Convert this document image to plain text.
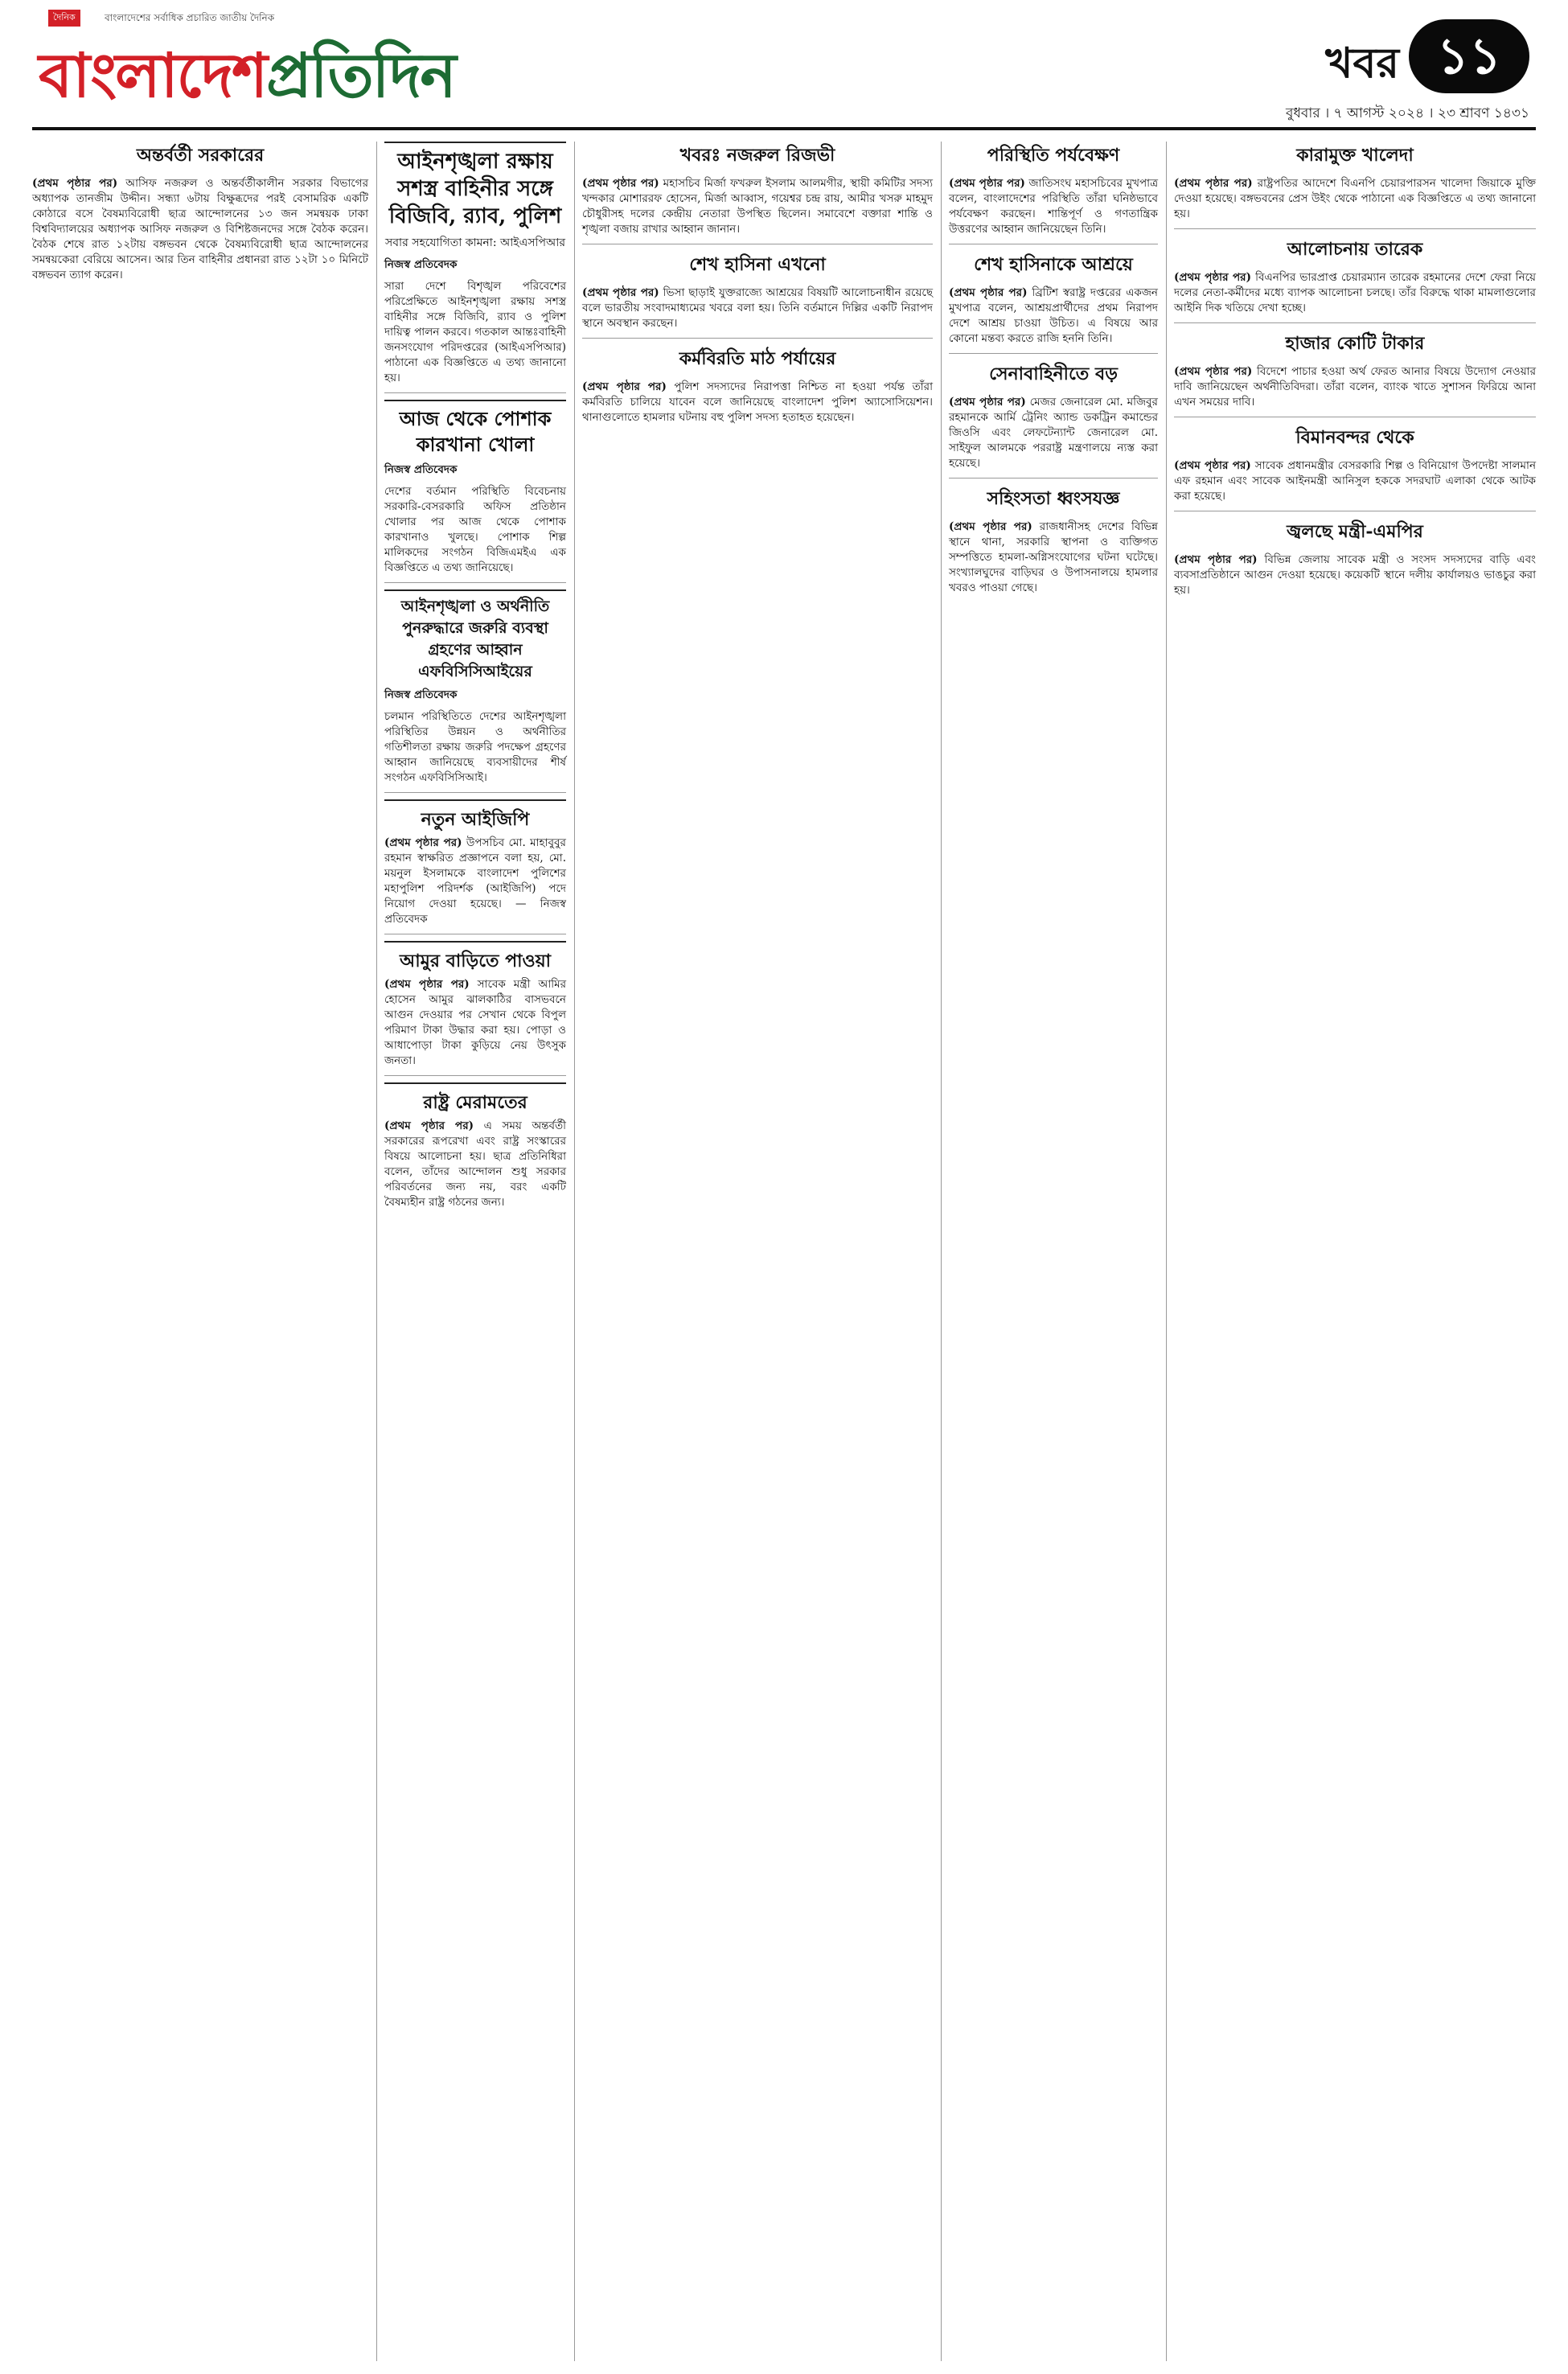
দৈনিক	বাংলাদেশের সর্বাধিক প্রচারিত জাতীয় দৈনিক
বাংলাদেশপ্রতিদিন	খবর ১১
বুধবার । ৭ আগস্ট ২০২৪ । ২৩ শ্রাবণ ১৪৩১
অন্তর্বর্তী সরকারের
(প্রথম পৃষ্ঠার পর) আসিফ নজরুল ও অন্তর্বর্তীকালীন সরকার বিভাগের অধ্যাপক তানজীম উদ্দীন। সন্ধ্যা ৬টায় বিক্ষুব্ধদের পরই বেসামরিক একটি কোঠারে বসে বৈষম্যবিরোধী ছাত্র আন্দোলনের ১৩ জন সমন্বয়ক ঢাকা বিশ্ববিদ্যালয়ের অধ্যাপক আসিফ নজরুল ও বিশিষ্টজনদের সঙ্গে বৈঠক করেন। বৈঠক শেষে রাত ১২টায় বঙ্গভবন থেকে বৈষম্যবিরোধী ছাত্র আন্দোলনের সমন্বয়কেরা বেরিয়ে আসেন। আর তিন বাহিনীর প্রধানরা রাত ১২টা ১০ মিনিটে বঙ্গভবন ত্যাগ করেন।
আইনশৃঙ্খলা রক্ষায় সশস্ত্র বাহিনীর সঙ্গে বিজিবি, র‍্যাব, পুলিশ
সবার সহযোগিতা কামনা: আইএসপিআর
নিজস্ব প্রতিবেদক
সারা দেশে বিশৃঙ্খল পরিবেশের পরিপ্রেক্ষিতে আইনশৃঙ্খলা রক্ষায় সশস্ত্র বাহিনীর সঙ্গে বিজিবি, র‍্যাব ও পুলিশ দায়িত্ব পালন করবে। গতকাল আন্তঃবাহিনী জনসংযোগ পরিদপ্তরের (আইএসপিআর) পাঠানো এক বিজ্ঞপ্তিতে এ তথ্য জানানো হয়।
আজ থেকে পোশাক কারখানা খোলা
নিজস্ব প্রতিবেদক
দেশের বর্তমান পরিস্থিতি বিবেচনায় সরকারি-বেসরকারি অফিস প্রতিষ্ঠান খোলার পর আজ থেকে পোশাক কারখানাও খুলছে। পোশাক শিল্প মালিকদের সংগঠন বিজিএমইএ এক বিজ্ঞপ্তিতে এ তথ্য জানিয়েছে।
আইনশৃঙ্খলা ও অর্থনীতি পুনরুদ্ধারে জরুরি ব্যবস্থা গ্রহণের আহ্বান এফবিসিসিআইয়ের
নিজস্ব প্রতিবেদক
চলমান পরিস্থিতিতে দেশের আইনশৃঙ্খলা পরিস্থিতির উন্নয়ন ও অর্থনীতির গতিশীলতা রক্ষায় জরুরি পদক্ষেপ গ্রহণের আহ্বান জানিয়েছে ব্যবসায়ীদের শীর্ষ সংগঠন এফবিসিসিআই।
নতুন আইজিপি
(প্রথম পৃষ্ঠার পর) উপসচিব মো. মাহাবুবুর রহমান স্বাক্ষরিত প্রজ্ঞাপনে বলা হয়, মো. ময়নুল ইসলামকে বাংলাদেশ পুলিশের মহাপুলিশ পরিদর্শক (আইজিপি) পদে নিয়োগ দেওয়া হয়েছে। — নিজস্ব প্রতিবেদক
আমুর বাড়িতে পাওয়া
(প্রথম পৃষ্ঠার পর) সাবেক মন্ত্রী আমির হোসেন আমুর ঝালকাঠির বাসভবনে আগুন দেওয়ার পর সেখান থেকে বিপুল পরিমাণ টাকা উদ্ধার করা হয়। পোড়া ও আধাপোড়া টাকা কুড়িয়ে নেয় উৎসুক জনতা।
রাষ্ট্র মেরামতের
(প্রথম পৃষ্ঠার পর) এ সময় অন্তর্বর্তী সরকারের রূপরেখা এবং রাষ্ট্র সংস্কারের বিষয়ে আলোচনা হয়। ছাত্র প্রতিনিধিরা বলেন, তাঁদের আন্দোলন শুধু সরকার পরিবর্তনের জন্য নয়, বরং একটি বৈষম্যহীন রাষ্ট্র গঠনের জন্য।
খবরঃ নজরুল রিজভী
(প্রথম পৃষ্ঠার পর) মহাসচিব মির্জা ফখরুল ইসলাম আলমগীর, স্থায়ী কমিটির সদস্য খন্দকার মোশাররফ হোসেন, মির্জা আব্বাস, গয়েশ্বর চন্দ্র রায়, আমীর খসরু মাহমুদ চৌধুরীসহ দলের কেন্দ্রীয় নেতারা উপস্থিত ছিলেন। সমাবেশে বক্তারা শান্তি ও শৃঙ্খলা বজায় রাখার আহ্বান জানান।
শেখ হাসিনা এখনো
(প্রথম পৃষ্ঠার পর) ভিসা ছাড়াই যুক্তরাজ্যে আশ্রয়ের বিষয়টি আলোচনাধীন রয়েছে বলে ভারতীয় সংবাদমাধ্যমের খবরে বলা হয়। তিনি বর্তমানে দিল্লির একটি নিরাপদ স্থানে অবস্থান করছেন।
কর্মবিরতি মাঠ পর্যায়ের
(প্রথম পৃষ্ঠার পর) পুলিশ সদস্যদের নিরাপত্তা নিশ্চিত না হওয়া পর্যন্ত তাঁরা কর্মবিরতি চালিয়ে যাবেন বলে জানিয়েছে বাংলাদেশ পুলিশ অ্যাসোসিয়েশন। থানাগুলোতে হামলার ঘটনায় বহু পুলিশ সদস্য হতাহত হয়েছেন।
পরিস্থিতি পর্যবেক্ষণ
(প্রথম পৃষ্ঠার পর) জাতিসংঘ মহাসচিবের মুখপাত্র বলেন, বাংলাদেশের পরিস্থিতি তাঁরা ঘনিষ্ঠভাবে পর্যবেক্ষণ করছেন। শান্তিপূর্ণ ও গণতান্ত্রিক উত্তরণের আহ্বান জানিয়েছেন তিনি।
শেখ হাসিনাকে আশ্রয়ে
(প্রথম পৃষ্ঠার পর) ব্রিটিশ স্বরাষ্ট্র দপ্তরের একজন মুখপাত্র বলেন, আশ্রয়প্রার্থীদের প্রথম নিরাপদ দেশে আশ্রয় চাওয়া উচিত। এ বিষয়ে আর কোনো মন্তব্য করতে রাজি হননি তিনি।
সেনাবাহিনীতে বড়
(প্রথম পৃষ্ঠার পর) মেজর জেনারেল মো. মজিবুর রহমানকে আর্মি ট্রেনিং অ্যান্ড ডকট্রিন কমান্ডের জিওসি এবং লেফটেন্যান্ট জেনারেল মো. সাইফুল আলমকে পররাষ্ট্র মন্ত্রণালয়ে ন্যস্ত করা হয়েছে।
সহিংসতা ধ্বংসযজ্ঞ
(প্রথম পৃষ্ঠার পর) রাজধানীসহ দেশের বিভিন্ন স্থানে থানা, সরকারি স্থাপনা ও ব্যক্তিগত সম্পত্তিতে হামলা-অগ্নিসংযোগের ঘটনা ঘটেছে। সংখ্যালঘুদের বাড়িঘর ও উপাসনালয়ে হামলার খবরও পাওয়া গেছে।
কারামুক্ত খালেদা
(প্রথম পৃষ্ঠার পর) রাষ্ট্রপতির আদেশে বিএনপি চেয়ারপারসন খালেদা জিয়াকে মুক্তি দেওয়া হয়েছে। বঙ্গভবনের প্রেস উইং থেকে পাঠানো এক বিজ্ঞপ্তিতে এ তথ্য জানানো হয়।
আলোচনায় তারেক
(প্রথম পৃষ্ঠার পর) বিএনপির ভারপ্রাপ্ত চেয়ারম্যান তারেক রহমানের দেশে ফেরা নিয়ে দলের নেতা-কর্মীদের মধ্যে ব্যাপক আলোচনা চলছে। তাঁর বিরুদ্ধে থাকা মামলাগুলোর আইনি দিক খতিয়ে দেখা হচ্ছে।
হাজার কোটি টাকার
(প্রথম পৃষ্ঠার পর) বিদেশে পাচার হওয়া অর্থ ফেরত আনার বিষয়ে উদ্যোগ নেওয়ার দাবি জানিয়েছেন অর্থনীতিবিদরা। তাঁরা বলেন, ব্যাংক খাতে সুশাসন ফিরিয়ে আনা এখন সময়ের দাবি।
বিমানবন্দর থেকে
(প্রথম পৃষ্ঠার পর) সাবেক প্রধানমন্ত্রীর বেসরকারি শিল্প ও বিনিয়োগ উপদেষ্টা সালমান এফ রহমান এবং সাবেক আইনমন্ত্রী আনিসুল হককে সদরঘাট এলাকা থেকে আটক করা হয়েছে।
জ্বলছে মন্ত্রী-এমপির
(প্রথম পৃষ্ঠার পর) বিভিন্ন জেলায় সাবেক মন্ত্রী ও সংসদ সদস্যদের বাড়ি এবং ব্যবসাপ্রতিষ্ঠানে আগুন দেওয়া হয়েছে। কয়েকটি স্থানে দলীয় কার্যালয়ও ভাঙচুর করা হয়।
